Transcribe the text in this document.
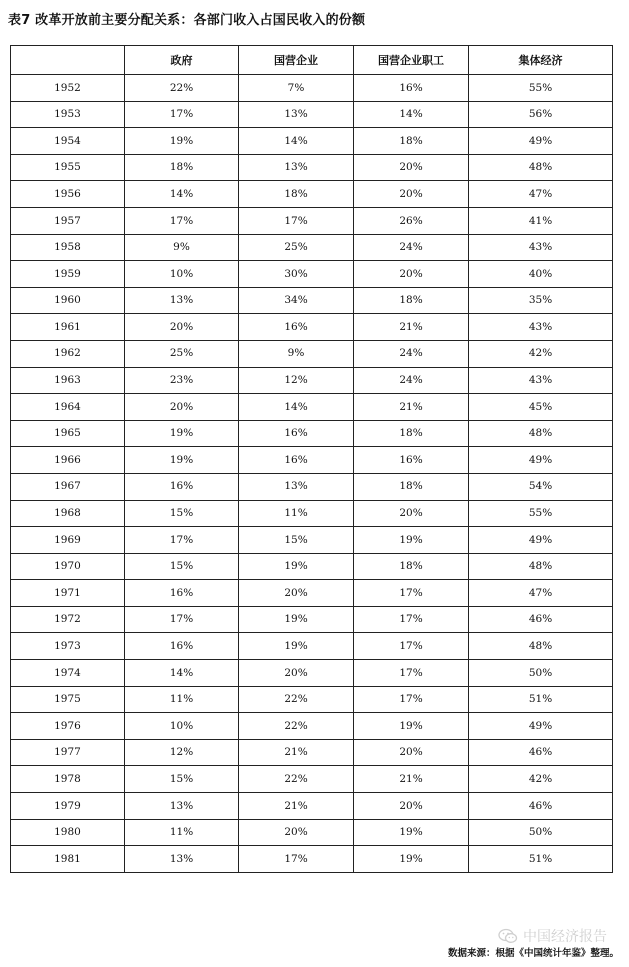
表7 改革开放前主要分配关系：各部门收入占国民收入的份额
	政府	国营企业	国营企业职工	集体经济
1952	22%	7%	16%	55%
1953	17%	13%	14%	56%
1954	19%	14%	18%	49%
1955	18%	13%	20%	48%
1956	14%	18%	20%	47%
1957	17%	17%	26%	41%
1958	9%	25%	24%	43%
1959	10%	30%	20%	40%
1960	13%	34%	18%	35%
1961	20%	16%	21%	43%
1962	25%	9%	24%	42%
1963	23%	12%	24%	43%
1964	20%	14%	21%	45%
1965	19%	16%	18%	48%
1966	19%	16%	16%	49%
1967	16%	13%	18%	54%
1968	15%	11%	20%	55%
1969	17%	15%	19%	49%
1970	15%	19%	18%	48%
1971	16%	20%	17%	47%
1972	17%	19%	17%	46%
1973	16%	19%	17%	48%
1974	14%	20%	17%	50%
1975	11%	22%	17%	51%
1976	10%	22%	19%	49%
1977	12%	21%	20%	46%
1978	15%	22%	21%	42%
1979	13%	21%	20%	46%
1980	11%	20%	19%	50%
1981	13%	17%	19%	51%
中国经济报告
数据来源：根据《中国统计年鉴》整理。
